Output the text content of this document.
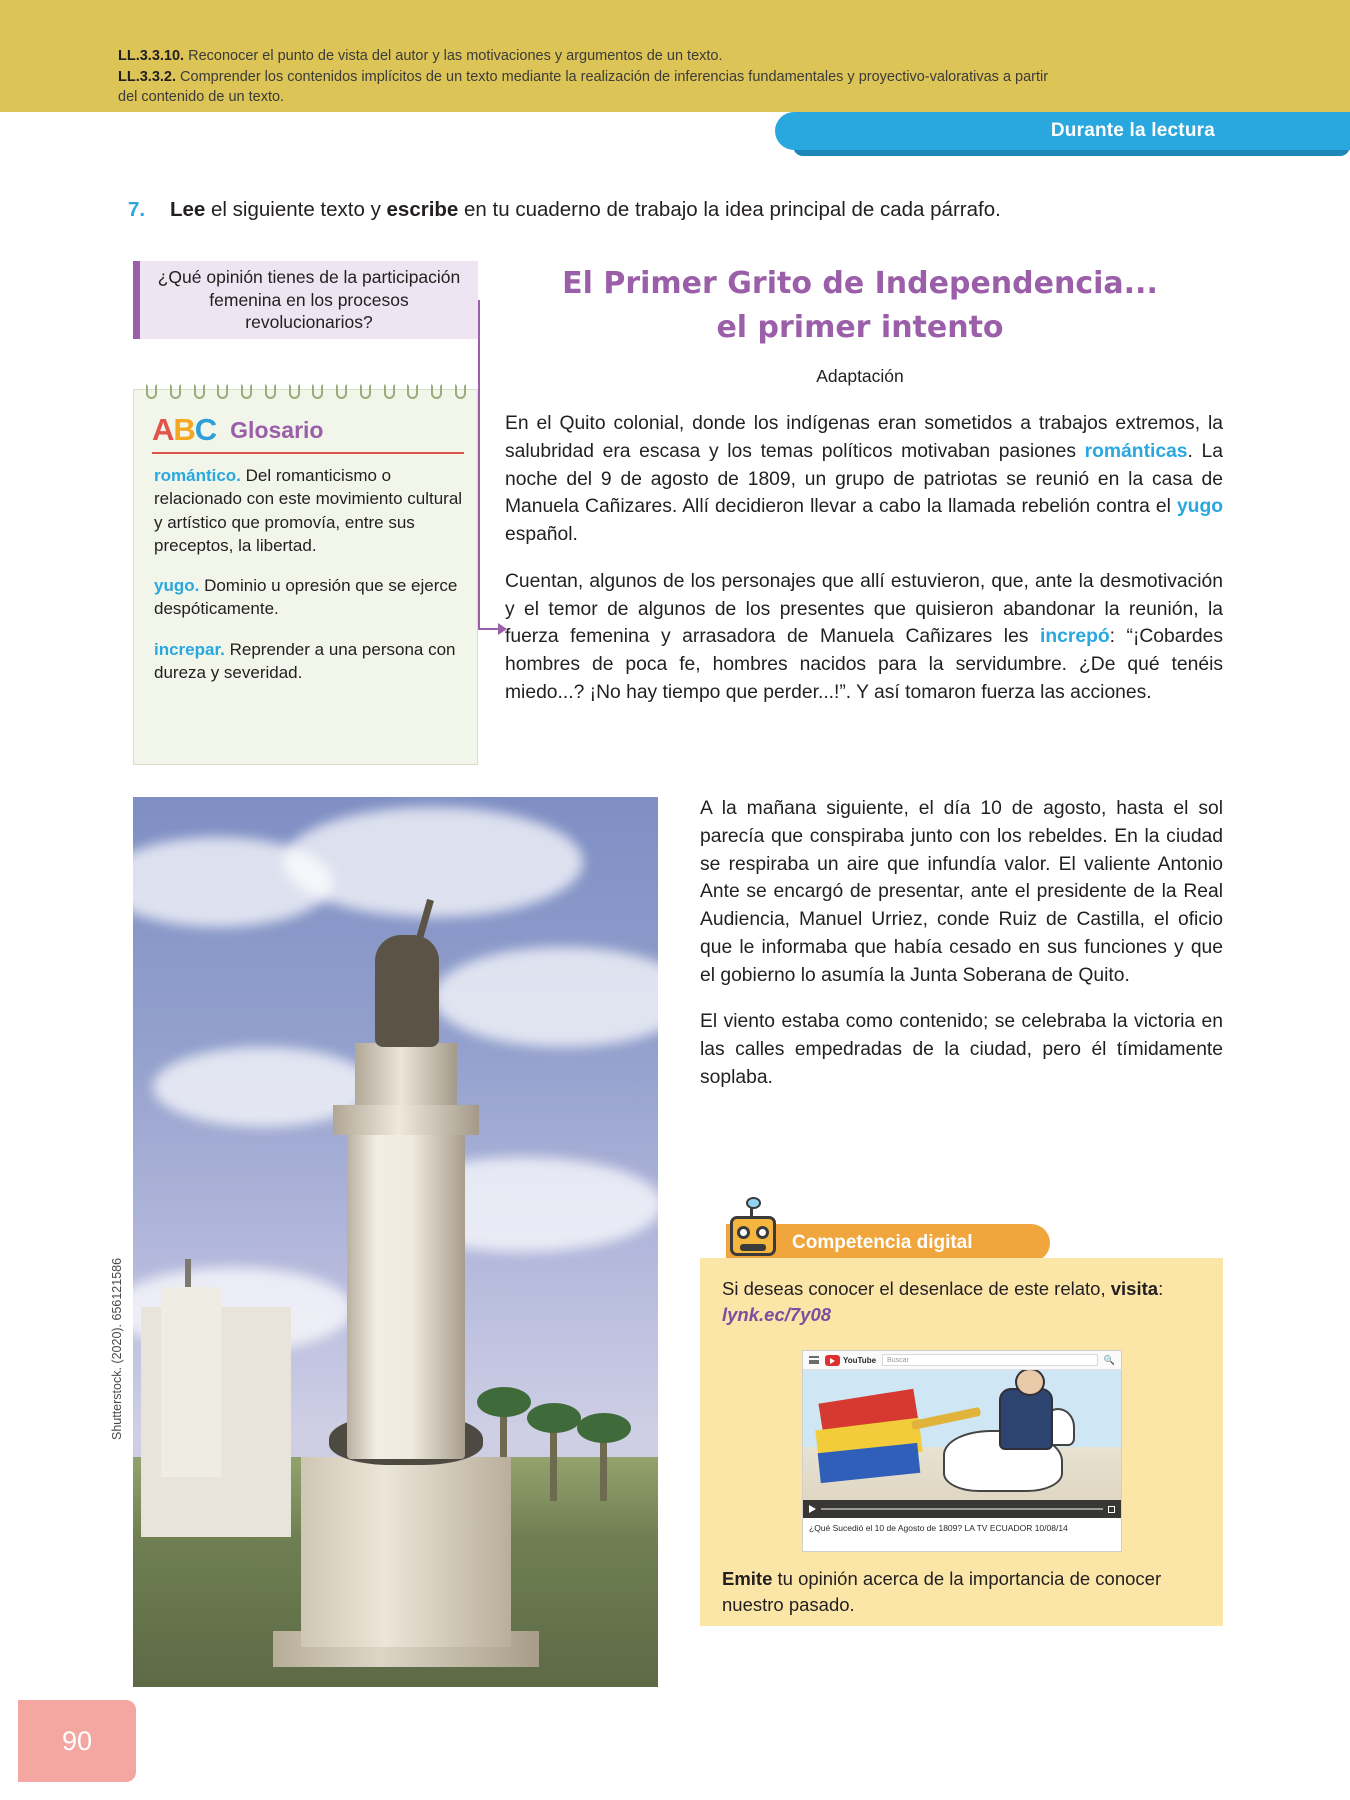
LL.3.3.10. Reconocer el punto de vista del autor y las motivaciones y argumentos de un texto.
LL.3.3.2. Comprender los contenidos implícitos de un texto mediante la realización de inferencias fundamentales y proyectivo-valorativas a partir del contenido de un texto.
Durante la lectura
7. Lee el siguiente texto y escribe en tu cuaderno de trabajo la idea principal de cada párrafo.

¿Qué opinión tienes de la participación femenina en los procesos revolucionarios?

ABC Glosario

romántico. Del romanticismo o relacionado con este movimiento cultural y artístico que promovía, entre sus preceptos, la libertad.

yugo. Dominio u opresión que se ejerce despóticamente.

increpar. Reprender a una persona con dureza y severidad.

El Primer Grito de Independencia...
el primer intento
Adaptación

En el Quito colonial, donde los indígenas eran sometidos a trabajos extremos, la salubridad era escasa y los temas políticos motivaban pasiones románticas. La noche del 9 de agosto de 1809, un grupo de patriotas se reunió en la casa de Manuela Cañizares. Allí decidieron llevar a cabo la llamada rebelión contra el yugo español.

Cuentan, algunos de los personajes que allí estuvieron, que, ante la desmotivación y el temor de algunos de los presentes que quisieron abandonar la reunión, la fuerza femenina y arrasadora de Manuela Cañizares les increpó: “¡Cobardes hombres de poca fe, hombres nacidos para la servidumbre. ¿De qué tenéis miedo...? ¡No hay tiempo que perder...!”. Y así tomaron fuerza las acciones.

A la mañana siguiente, el día 10 de agosto, hasta el sol parecía que conspiraba junto con los rebeldes. En la ciudad se respiraba un aire que infundía valor. El valiente Antonio Ante se encargó de presentar, ante el presidente de la Real Audiencia, Manuel Urriez, conde Ruiz de Castilla, el oficio que le informaba que había cesado en sus funciones y que el gobierno lo asumía la Junta Soberana de Quito.

El viento estaba como contenido; se celebraba la victoria en las calles empedradas de la ciudad, pero él tímidamente soplaba.

Shutterstock. (2020). 656121586
Competencia digital
Si deseas conocer el desenlace de este relato, visita: lynk.ec/7y08
YouTube	Buscar	🔍
¿Qué Sucedió el 10 de Agosto de 1809? LA TV ECUADOR 10/08/14
Emite tu opinión acerca de la importancia de conocer nuestro pasado.
90
